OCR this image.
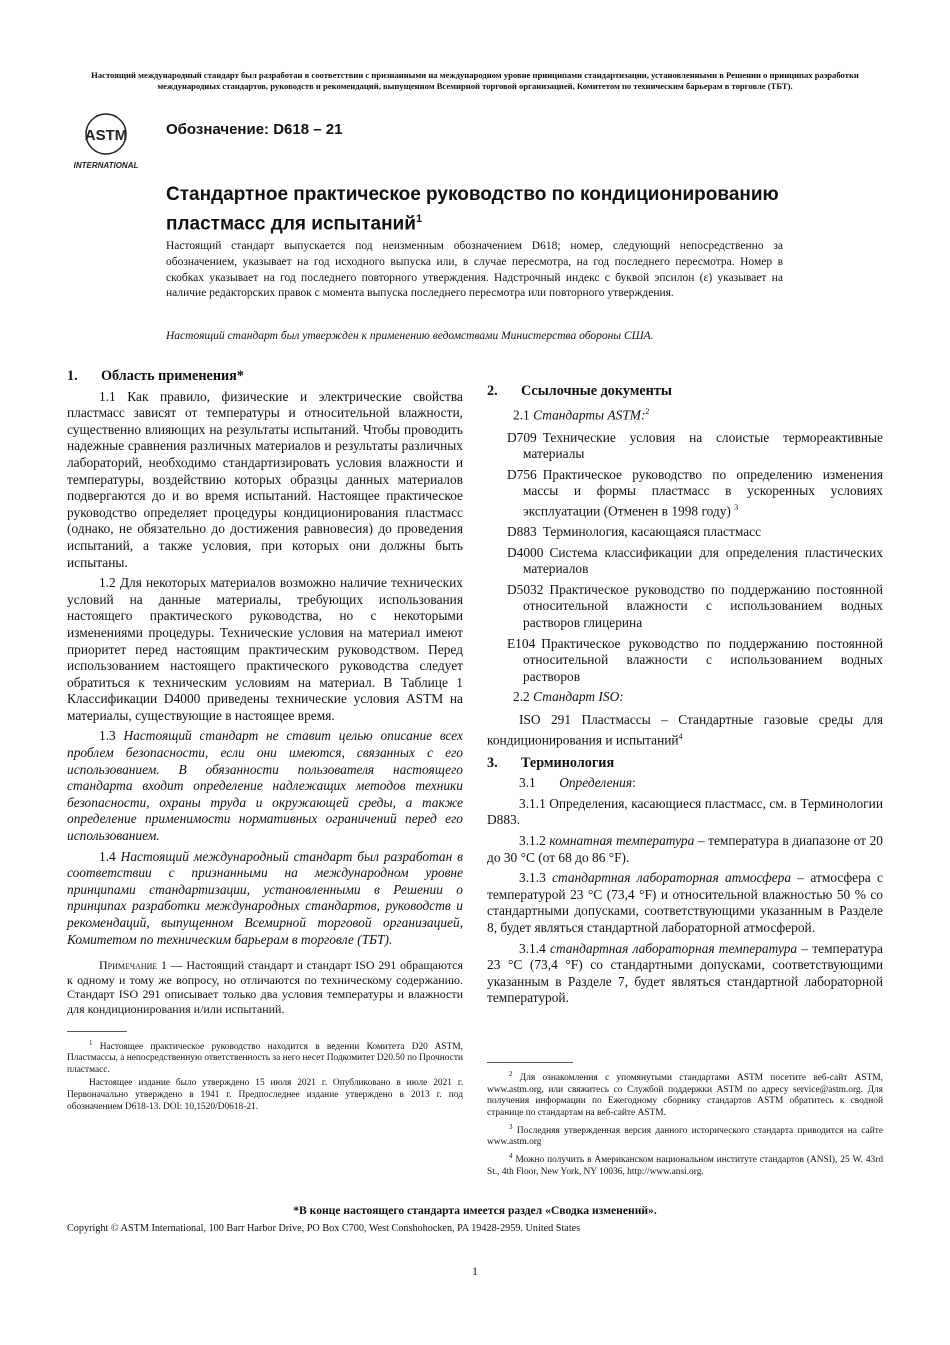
Настоящий международный стандарт был разработан в соответствии с признанными на международном уровне принципами стандартизации, установленными в Решении о принципах разработки международных стандартов, руководств и рекомендаций, выпущенном Всемирной торговой организацией, Комитетом по техническим барьерам в торговле (ТБТ).
ASTM
INTERNATIONAL
Обозначение: D618 – 21
Стандартное практическое руководство по кондиционированию пластмасс для испытаний$^1$
Настоящий стандарт выпускается под неизменным обозначением D618; номер, следующий непосредственно за обозначением, указывает на год исходного выпуска или, в случае пересмотра, на год последнего пересмотра. Номер в скобках указывает на год последнего повторного утверждения. Надстрочный индекс с буквой эпсилон (ε) указывает на наличие редакторских правок с момента выпуска последнего пересмотра или повторного утверждения.
Настоящий стандарт был утвержден к применению ведомствами Министерства обороны США.
1. Область применения*

1.1 Как правило, физические и электрические свойства пластмасс зависят от температуры и относительной влажности, существенно влияющих на результаты испытаний. Чтобы проводить надежные сравнения различных материалов и результаты различных лабораторий, необходимо стандартизировать условия влажности и температуры, воздействию которых образцы данных материалов подвергаются до и во время испытаний. Настоящее практическое руководство определяет процедуры кондиционирования пластмасс (однако, не обязательно до достижения равновесия) до проведения испытаний, а также условия, при которых они должны быть испытаны.

1.2 Для некоторых материалов возможно наличие технических условий на данные материалы, требующих использования настоящего практического руководства, но с некоторыми изменениями процедуры. Технические условия на материал имеют приоритет перед настоящим практическим руководством. Перед использованием настоящего практического руководства следует обратиться к техническим условиям на материал. В Таблице 1 Классификации D4000 приведены технические условия ASTM на материалы, существующие в настоящее время.

1.3 Настоящий стандарт не ставит целью описание всех проблем безопасности, если они имеются, связанных с его использованием. В обязанности пользователя настоящего стандарта входит определение надлежащих методов техники безопасности, охраны труда и окружающей среды, а также определение применимости нормативных ограничений перед его использованием.

1.4 Настоящий международный стандарт был разработан в соответствии с признанными на международном уровне принципами стандартизации, установленными в Решении о принципах разработки международных стандартов, руководств и рекомендаций, выпущенном Всемирной торговой организацией, Комитетом по техническим барьерам в торговле (ТБТ).

Примечание 1 — Настоящий стандарт и стандарт ISO 291 обращаются к одному и тому же вопросу, но отличаются по техническому содержанию. Стандарт ISO 291 описывает только два условия температуры и влажности для кондиционирования и/или испытаний.

$^1$ Настоящее практическое руководство находится в ведении Комитета D20 ASTM, Пластмассы, а непосредственную ответственность за него несет Подкомитет D20.50 по Прочности пластмасс.

Настоящее издание было утверждено 15 июля 2021 г. Опубликовано в июле 2021 г. Первоначально утверждено в 1941 г. Предпоследнее издание утверждено в 2013 г. под обозначением D618-13. DOI: 10,1520/D0618-21.

2. Ссылочные документы

2.1 Стандарты ASTM:$^2$

D709 Технические условия на слоистые термореактивные материалы

D756 Практическое руководство по определению изменения массы и формы пластмасс в ускоренных условиях эксплуатации (Отменен в 1998 году) $^3$

D883 Терминология, касающаяся пластмасс

D4000 Система классификации для определения пластических материалов

D5032 Практическое руководство по поддержанию постоянной относительной влажности с использованием водных растворов глицерина

E104 Практическое руководство по поддержанию постоянной относительной влажности с использованием водных растворов

2.2 Стандарт ISO:

ISO 291 Пластмассы – Стандартные газовые среды для кондиционирования и испытаний$^4$

3. Терминология

3.1 Определения:

3.1.1 Определения, касающиеся пластмасс, см. в Терминологии D883.

3.1.2 комнатная температура – температура в диапазоне от 20 до 30 °C (от 68 до 86 °F).

3.1.3 стандартная лабораторная атмосфера – атмосфера с температурой 23 °C (73,4 °F) и относительной влажностью 50 % со стандартными допусками, соответствующими указанным в Разделе 8, будет являться стандартной лабораторной атмосферой.

3.1.4 стандартная лабораторная температура – температура 23 °C (73,4 °F) со стандартными допусками, соответствующими указанным в Разделе 7, будет являться стандартной лабораторной температурой.

$^2$ Для ознакомления с упомянутыми стандартами ASTM посетите веб-сайт ASTM, www.astm.org, или свяжитесь со Службой поддержки ASTM по адресу service@astm.org. Для получения информации по Ежегодному сборнику стандартов ASTM обратитесь к сводной странице по стандартам на веб-сайте ASTM.

$^3$ Последняя утвержденная версия данного исторического стандарта приводится на сайте www.astm.org

$^4$ Можно получить в Американском национальном институте стандартов (ANSI), 25 W. 43rd St., 4th Floor, New York, NY 10036, http://www.ansi.org.

*В конце настоящего стандарта имеется раздел «Сводка изменений».
Copyright © ASTM International, 100 Barr Harbor Drive, PO Box C700, West Conshohocken, PA 19428-2959. United States
1
